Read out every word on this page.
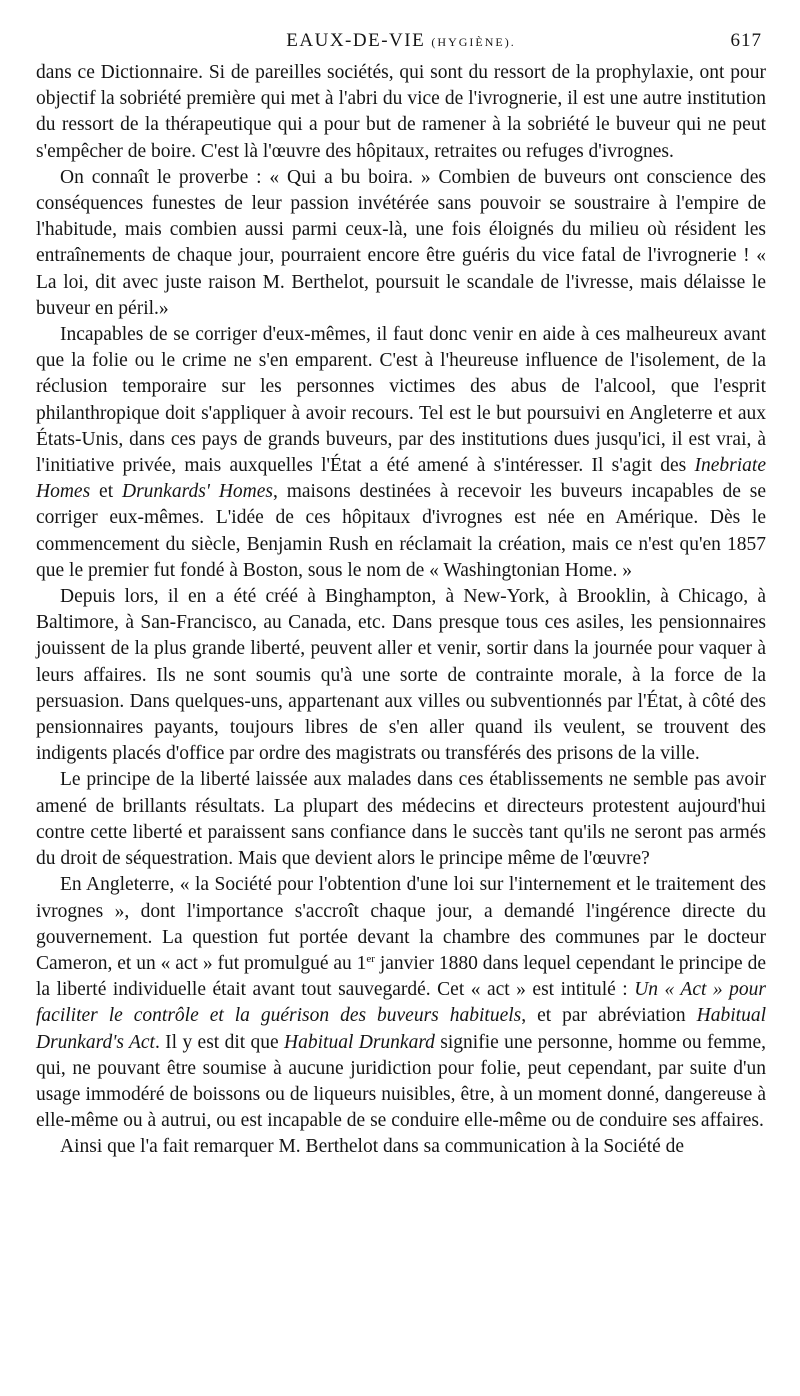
EAUX-DE-VIE (HYGIÈNE).	617

dans ce Dictionnaire. Si de pareilles sociétés, qui sont du ressort de la prophylaxie, ont pour objectif la sobriété première qui met à l'abri du vice de l'ivrognerie, il est une autre institution du ressort de la thérapeutique qui a pour but de ramener à la sobriété le buveur qui ne peut s'empêcher de boire. C'est là l'œuvre des hôpitaux, retraites ou refuges d'ivrognes.

On connaît le proverbe : « Qui a bu boira. » Combien de buveurs ont conscience des conséquences funestes de leur passion invétérée sans pouvoir se soustraire à l'empire de l'habitude, mais combien aussi parmi ceux-là, une fois éloignés du milieu où résident les entraînements de chaque jour, pourraient encore être guéris du vice fatal de l'ivrognerie ! « La loi, dit avec juste raison M. Berthelot, poursuit le scandale de l'ivresse, mais délaisse le buveur en péril.»

Incapables de se corriger d'eux-mêmes, il faut donc venir en aide à ces malheureux avant que la folie ou le crime ne s'en emparent. C'est à l'heureuse influence de l'isolement, de la réclusion temporaire sur les personnes victimes des abus de l'alcool, que l'esprit philanthropique doit s'appliquer à avoir recours. Tel est le but poursuivi en Angleterre et aux États-Unis, dans ces pays de grands buveurs, par des institutions dues jusqu'ici, il est vrai, à l'initiative privée, mais auxquelles l'État a été amené à s'intéresser. Il s'agit des Inebriate Homes et Drunkards' Homes, maisons destinées à recevoir les buveurs incapables de se corriger eux-mêmes. L'idée de ces hôpitaux d'ivrognes est née en Amérique. Dès le commencement du siècle, Benjamin Rush en réclamait la création, mais ce n'est qu'en 1857 que le premier fut fondé à Boston, sous le nom de « Washingtonian Home. »

Depuis lors, il en a été créé à Binghampton, à New-York, à Brooklin, à Chicago, à Baltimore, à San-Francisco, au Canada, etc. Dans presque tous ces asiles, les pensionnaires jouissent de la plus grande liberté, peuvent aller et venir, sortir dans la journée pour vaquer à leurs affaires. Ils ne sont soumis qu'à une sorte de contrainte morale, à la force de la persuasion. Dans quelques-uns, appartenant aux villes ou subventionnés par l'État, à côté des pensionnaires payants, toujours libres de s'en aller quand ils veulent, se trouvent des indigents placés d'office par ordre des magistrats ou transférés des prisons de la ville.

Le principe de la liberté laissée aux malades dans ces établissements ne semble pas avoir amené de brillants résultats. La plupart des médecins et directeurs protestent aujourd'hui contre cette liberté et paraissent sans confiance dans le succès tant qu'ils ne seront pas armés du droit de séquestration. Mais que devient alors le principe même de l'œuvre?

En Angleterre, « la Société pour l'obtention d'une loi sur l'internement et le traitement des ivrognes », dont l'importance s'accroît chaque jour, a demandé l'ingérence directe du gouvernement. La question fut portée devant la chambre des communes par le docteur Cameron, et un « act » fut promulgué au 1er janvier 1880 dans lequel cependant le principe de la liberté individuelle était avant tout sauvegardé. Cet « act » est intitulé : Un « Act » pour faciliter le contrôle et la guérison des buveurs habituels, et par abréviation Habitual Drunkard's Act. Il y est dit que Habitual Drunkard signifie une personne, homme ou femme, qui, ne pouvant être soumise à aucune juridiction pour folie, peut cependant, par suite d'un usage immodéré de boissons ou de liqueurs nuisibles, être, à un moment donné, dangereuse à elle-même ou à autrui, ou est incapable de se conduire elle-même ou de conduire ses affaires.

Ainsi que l'a fait remarquer M. Berthelot dans sa communication à la Société de
